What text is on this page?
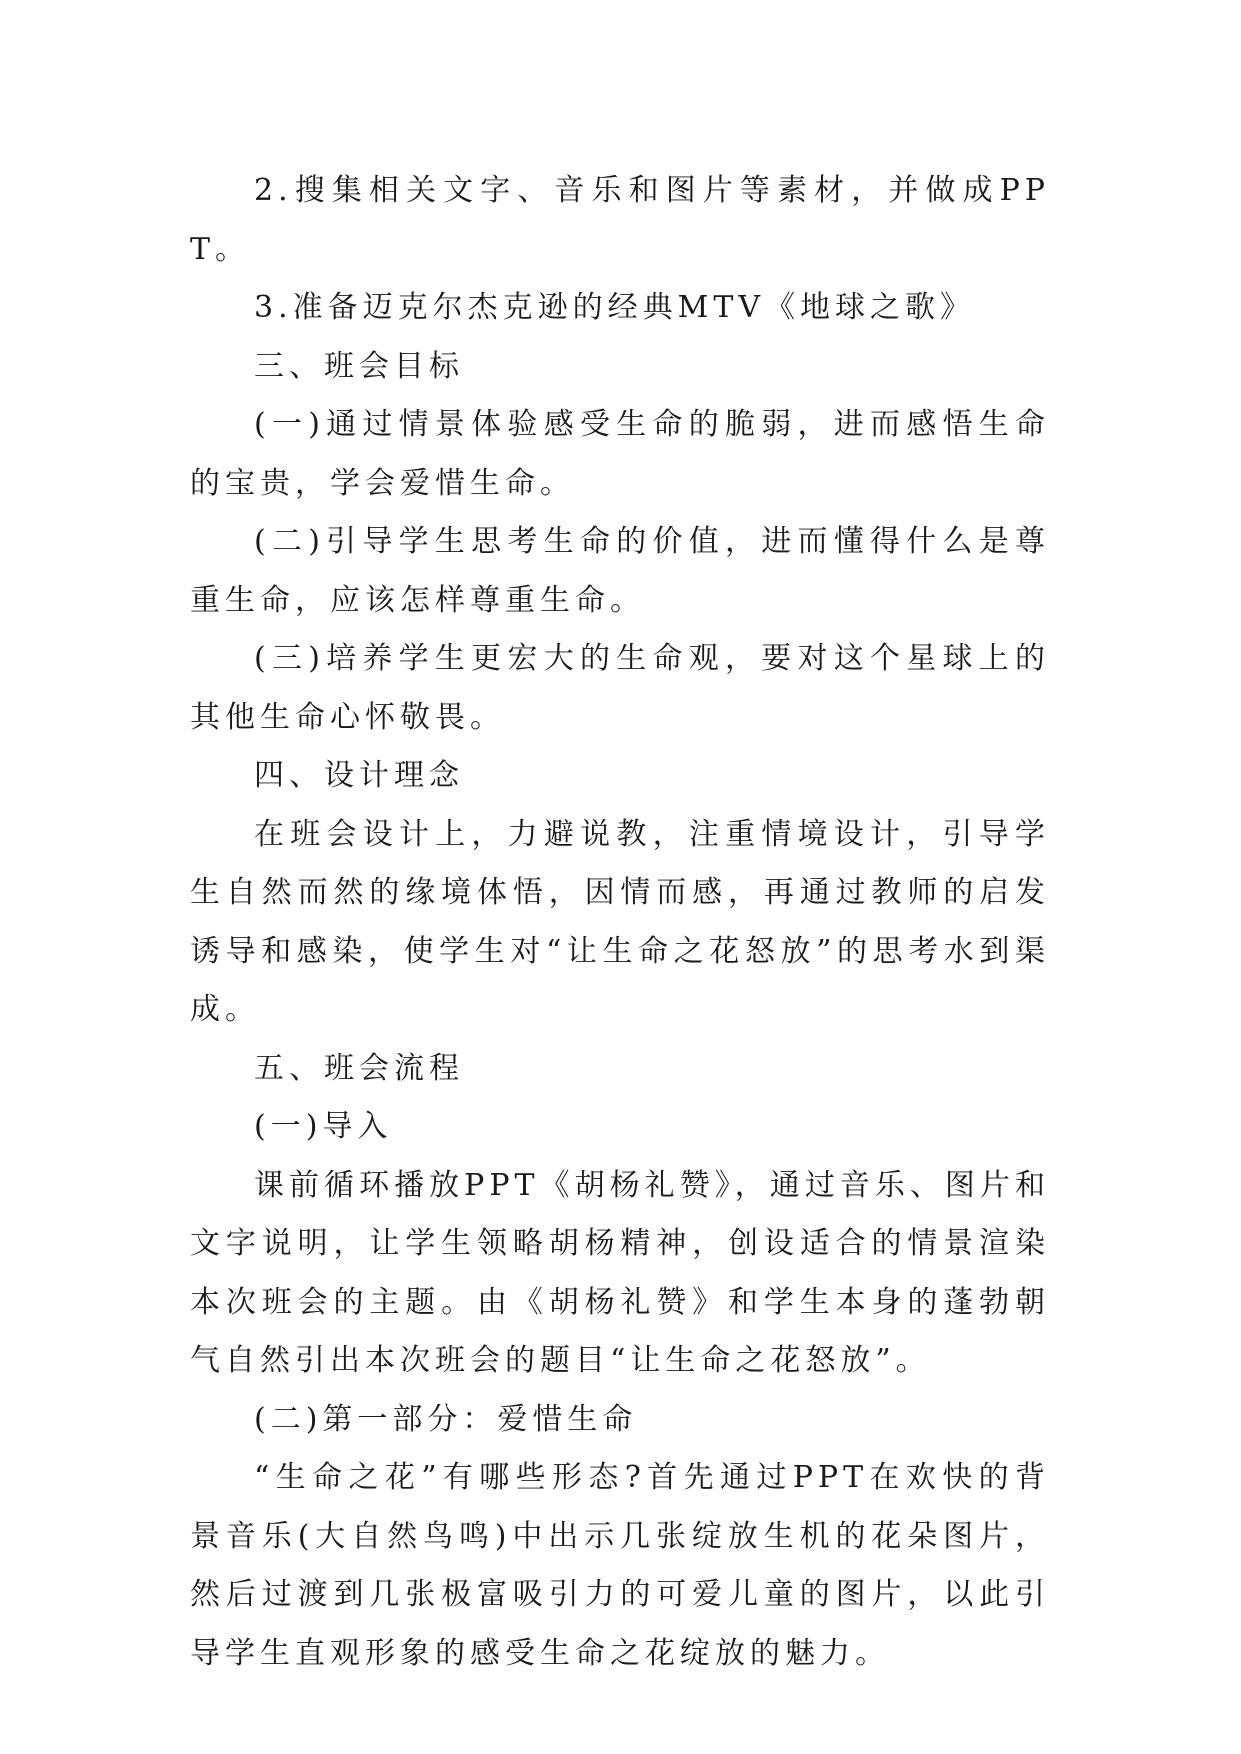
2.搜集相关文字、音乐和图片等素材，并做成PPT。

3.准备迈克尔杰克逊的经典MTV《地球之歌》

三、班会目标

(一)通过情景体验感受生命的脆弱，进而感悟生命的宝贵，学会爱惜生命。

(二)引导学生思考生命的价值，进而懂得什么是尊重生命，应该怎样尊重生命。

(三)培养学生更宏大的生命观，要对这个星球上的其他生命心怀敬畏。

四、设计理念

在班会设计上，力避说教，注重情境设计，引导学生自然而然的缘境体悟，因情而感，再通过教师的启发诱导和感染，使学生对“让生命之花怒放”的思考水到渠成。

五、班会流程

(一)导入

课前循环播放PPT《胡杨礼赞》，通过音乐、图片和文字说明，让学生领略胡杨精神，创设适合的情景渲染本次班会的主题。由《胡杨礼赞》和学生本身的蓬勃朝气自然引出本次班会的题目“让生命之花怒放”。

(二)第一部分：爱惜生命

“生命之花”有哪些形态?首先通过PPT在欢快的背景音乐(大自然鸟鸣)中出示几张绽放生机的花朵图片，然后过渡到几张极富吸引力的可爱儿童的图片，以此引导学生直观形象的感受生命之花绽放的魅力。
